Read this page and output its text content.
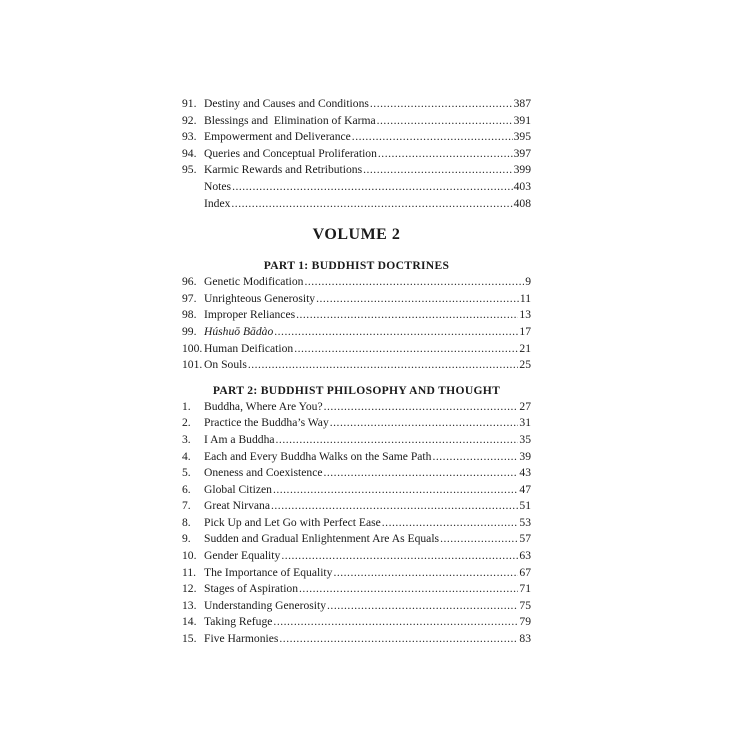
91. Destiny and Causes and Conditions .....	387
92. Blessings and  Elimination of Karma .....	391
93. Empowerment and Deliverance .....	395
94. Queries and Conceptual Proliferation .....	397
95. Karmic Rewards and Retributions .....	399
Notes .....	403
Index .....	408
VOLUME 2
PART 1: BUDDHIST DOCTRINES
96. Genetic Modification .....	9
97. Unrighteous Generosity .....	11
98. Improper Reliances .....	13
99. Húshuō Bādào .....	17
100. Human Deification .....	21
101. On Souls .....	25
PART 2: BUDDHIST PHILOSOPHY AND THOUGHT
1.	Buddha, Where Are You? .....	27
2.	Practice the Buddha’s Way .....	31
3.	I Am a Buddha .....	35
4.	Each and Every Buddha Walks on the Same Path .....	39
5.	Oneness and Coexistence .....	43
6.	Global Citizen .....	47
7.	Great Nirvana .....	51
8.	Pick Up and Let Go with Perfect Ease .....	53
9.	Sudden and Gradual Enlightenment Are As Equals .....	57
10. Gender Equality .....	63
11. The Importance of Equality .....	67
12. Stages of Aspiration .....	71
13. Understanding Generosity .....	75
14. Taking Refuge .....	79
15. Five Harmonies .....	83
